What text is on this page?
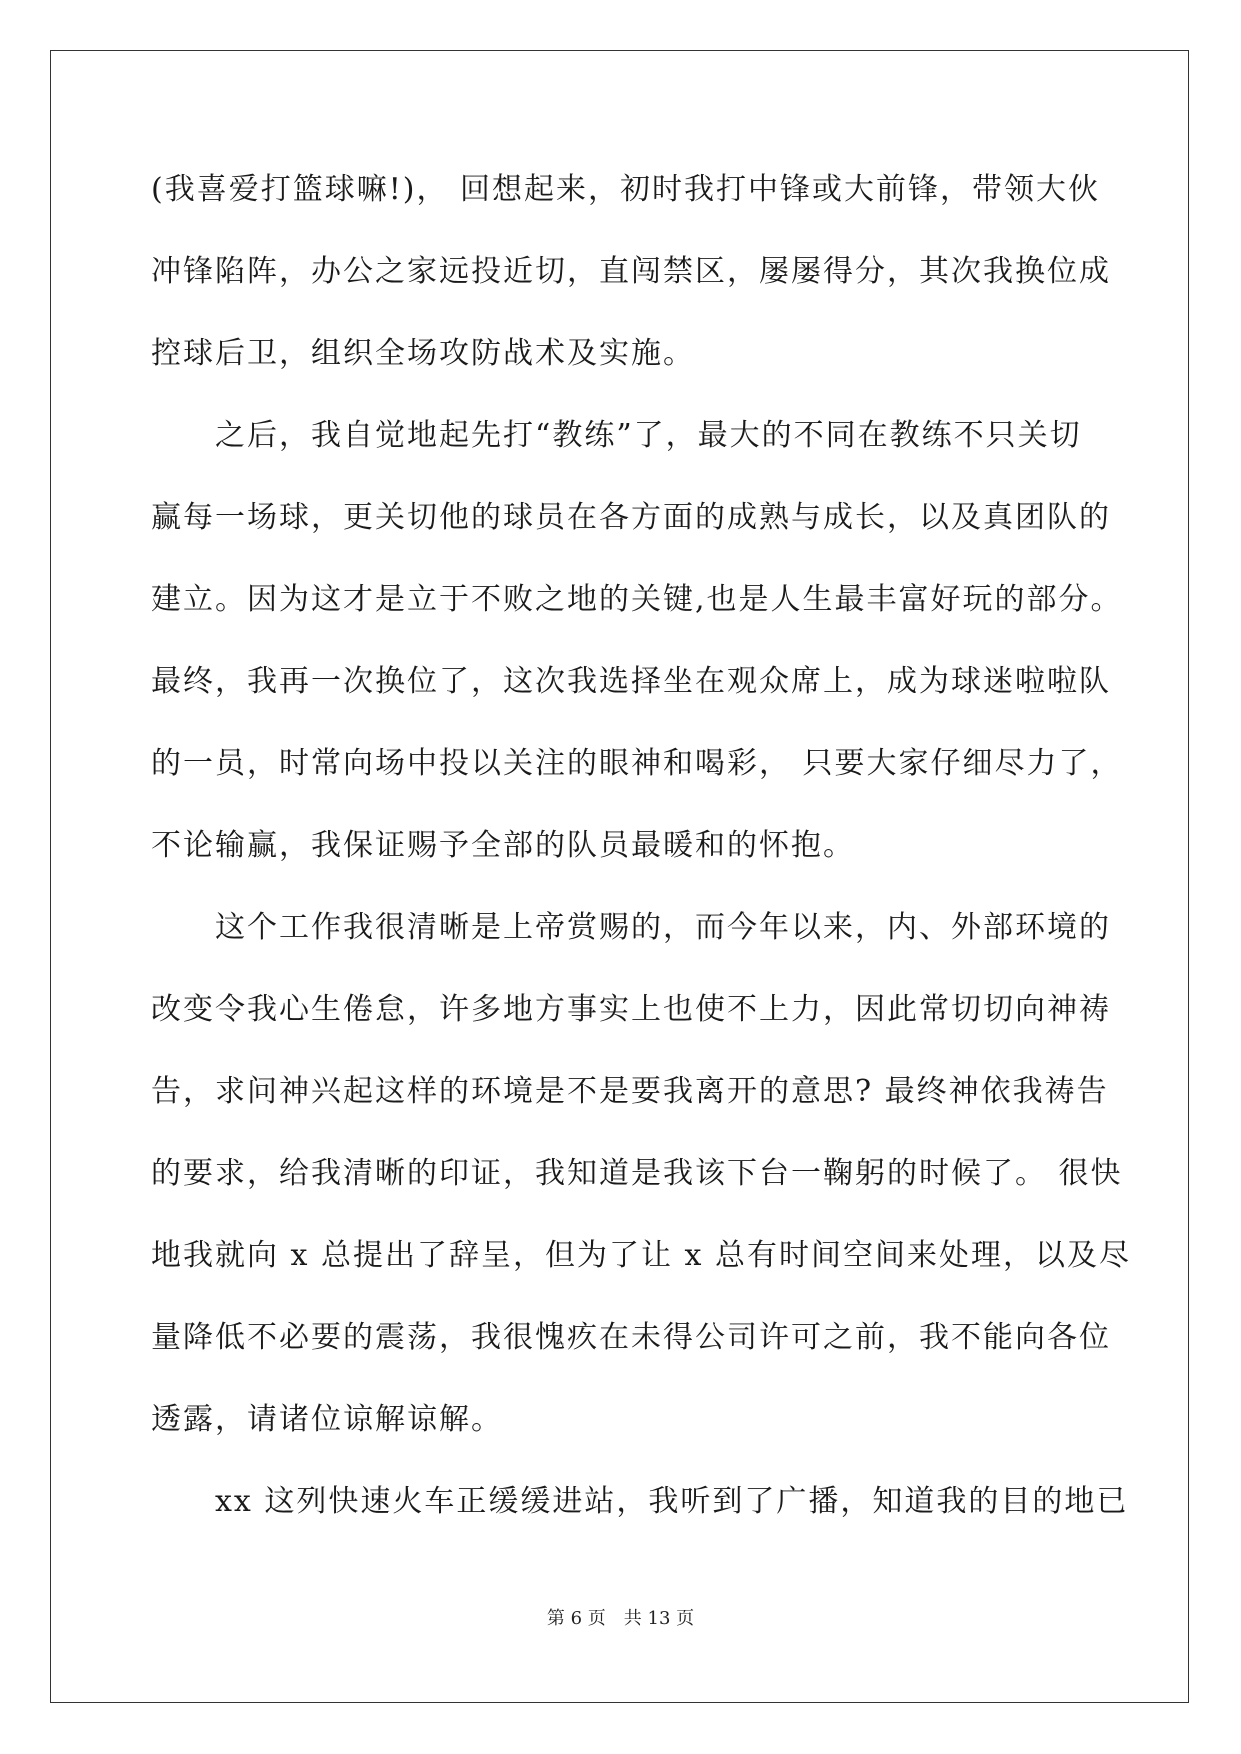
(我喜爱打篮球嘛!)， 回想起来，初时我打中锋或大前锋，带领大伙
冲锋陷阵，办公之家远投近切，直闯禁区，屡屡得分，其次我换位成
控球后卫，组织全场攻防战术及实施。
　　之后，我自觉地起先打“教练”了，最大的不同在教练不只关切
赢每一场球，更关切他的球员在各方面的成熟与成长，以及真团队的
建立。因为这才是立于不败之地的关键,也是人生最丰富好玩的部分。
最终，我再一次换位了，这次我选择坐在观众席上，成为球迷啦啦队
的一员，时常向场中投以关注的眼神和喝彩， 只要大家仔细尽力了，
不论输赢，我保证赐予全部的队员最暖和的怀抱。
　　这个工作我很清晰是上帝赏赐的，而今年以来，内、外部环境的
改变令我心生倦怠，许多地方事实上也使不上力，因此常切切向神祷
告，求问神兴起这样的环境是不是要我离开的意思? 最终神依我祷告
的要求，给我清晰的印证，我知道是我该下台一鞠躬的时候了。 很快
地我就向 x 总提出了辞呈，但为了让 x 总有时间空间来处理，以及尽
量降低不必要的震荡，我很愧疚在未得公司许可之前，我不能向各位
透露，请诸位谅解谅解。
　　xx 这列快速火车正缓缓进站，我听到了广播，知道我的目的地已
第 6 页　共 13 页
